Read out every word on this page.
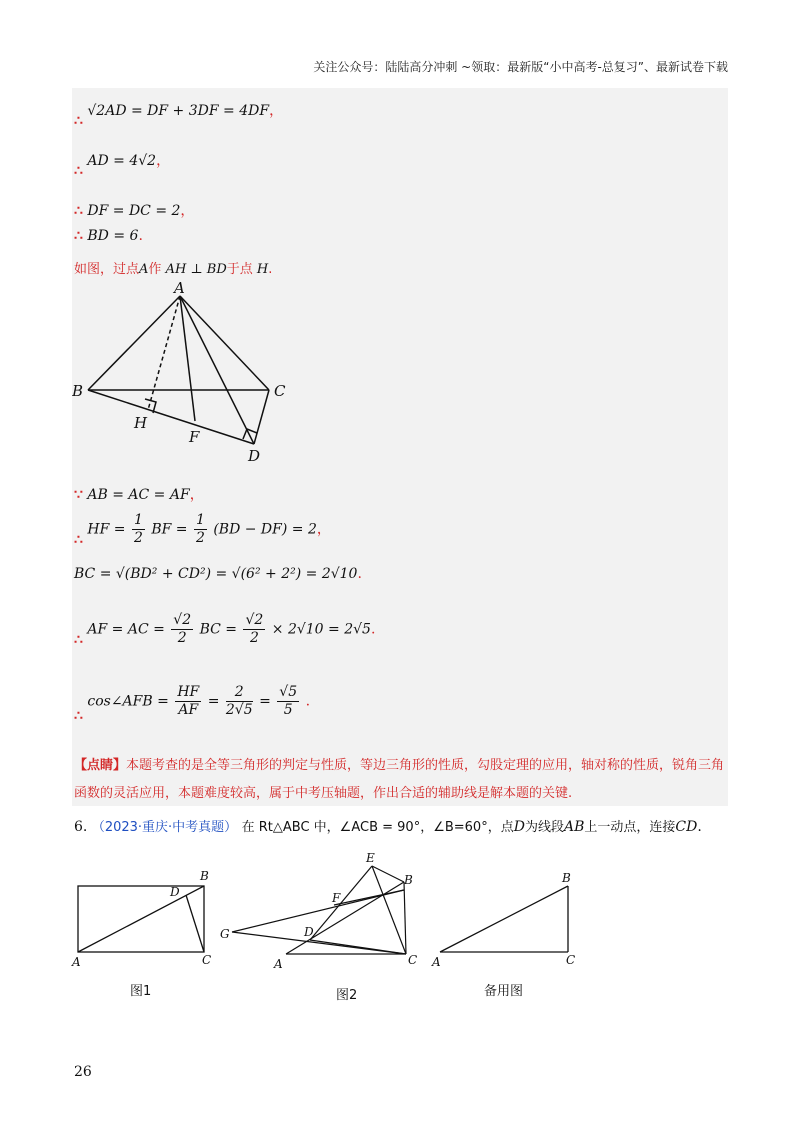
关注公众号：陆陆高分冲刺 ~领取：最新版“小中高考-总复习”、最新试卷下载
∴ √2AD = DF + 3DF = 4DF，
∴ AD = 4√2，
∴ DF = DC = 2，
∴ BD = 6.
如图，过点A作 AH ⊥ BD于点 H.
A
B	C
H
F
D
∵ AB = AC = AF，
∴ HF = $\frac{1}{2}$ BF = $\frac{1}{2} (BD - DF) = 2$，
BC = √(BD² + CD²) = √(6² + 2²) = 2√10.
∴ AF = AC = $\frac{√2}{2}$ BC = $\frac{√2}{2} \times 2√10 = 2√5$.
∴ cos∠AFB = $\frac{HF}{AF} = \frac{2}{2√5} = \frac{√5}{5}$ .
【点睛】本题考查的是全等三角形的判定与性质，等边三角形的性质，勾股定理的应用，轴对称的性质，锐角三角函数的灵活应用，本题难度较高，属于中考压轴题，作出合适的辅助线是解本题的关键.
6. （2023·重庆·中考真题） 在 Rt△ABC 中，∠ACB = 90°，∠B=60°，点D为线段AB上一动点，连接CD.
B
D
A	C
图1
E
B
F
G	D
A	C
图2
B
A	C
备用图
26
